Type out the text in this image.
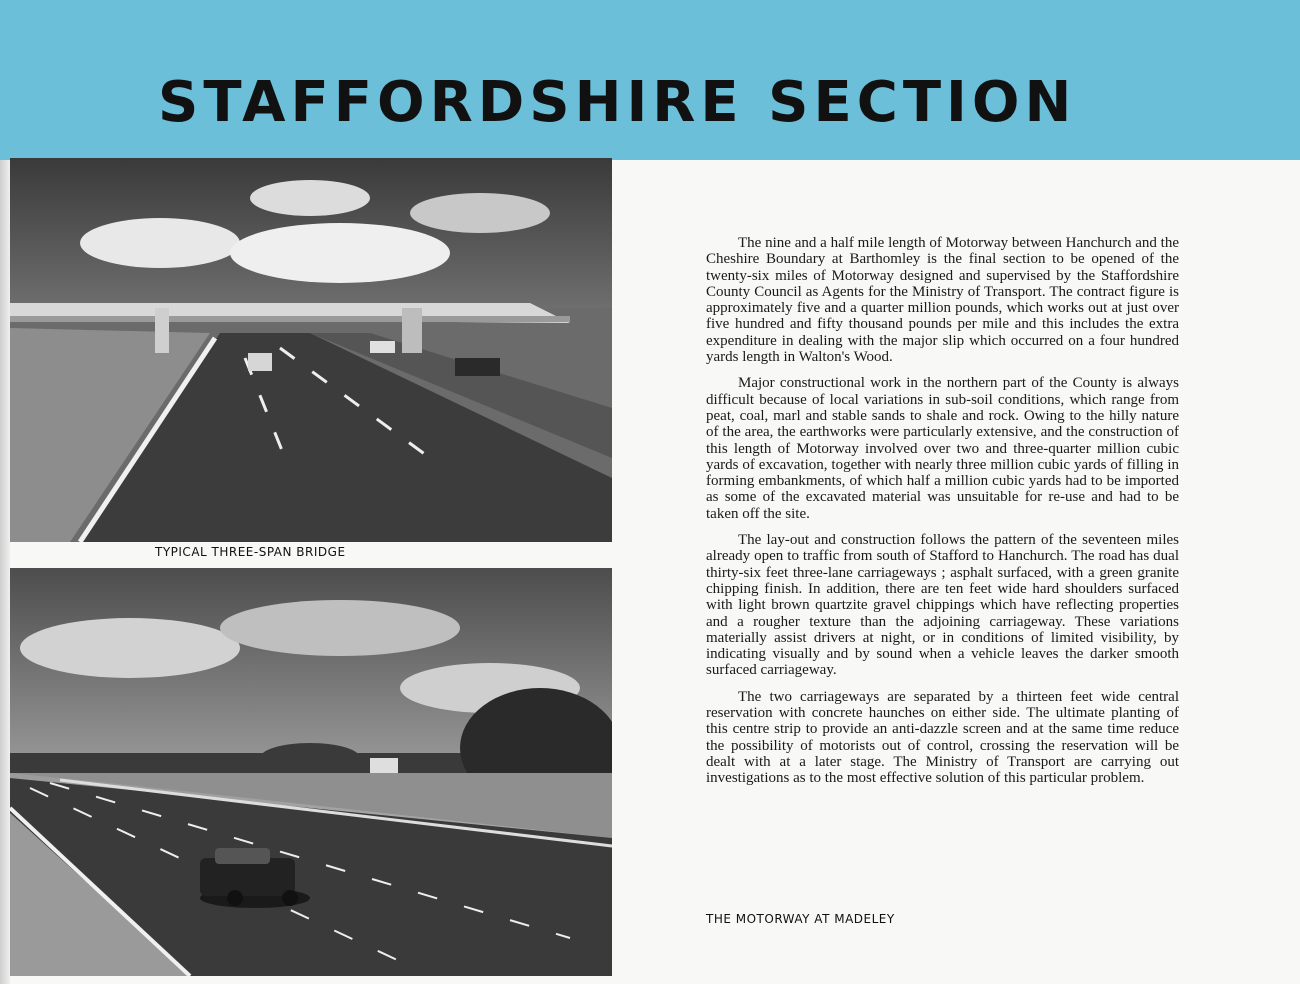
STAFFORDSHIRE SECTION
TYPICAL THREE-SPAN BRIDGE
THE MOTORWAY AT MADELEY

The nine and a half mile length of Motorway between Hanchurch and the Cheshire Boundary at Barthomley is the final section to be opened of the twenty-six miles of Motorway designed and supervised by the Staffordshire County Council as Agents for the Ministry of Transport. The contract figure is approximately five and a quarter million pounds, which works out at just over five hundred and fifty thousand pounds per mile and this includes the extra expenditure in dealing with the major slip which occurred on a four hundred yards length in Walton's Wood.

Major constructional work in the northern part of the County is always difficult because of local variations in sub-soil conditions, which range from peat, coal, marl and stable sands to shale and rock. Owing to the hilly nature of the area, the earthworks were particularly extensive, and the construction of this length of Motorway involved over two and three-quarter million cubic yards of excavation, together with nearly three million cubic yards of filling in forming embankments, of which half a million cubic yards had to be imported as some of the excavated material was unsuitable for re-use and had to be taken off the site.

The lay-out and construction follows the pattern of the seventeen miles already open to traffic from south of Stafford to Hanchurch. The road has dual thirty-six feet three-lane carriageways ; asphalt surfaced, with a green granite chipping finish. In addition, there are ten feet wide hard shoulders surfaced with light brown quartzite gravel chippings which have reflecting properties and a rougher texture than the adjoining carriageway. These variations materially assist drivers at night, or in conditions of limited visibility, by indicating visually and by sound when a vehicle leaves the darker smooth surfaced carriageway.

The two carriageways are separated by a thirteen feet wide central reservation with concrete haunches on either side. The ultimate planting of this centre strip to provide an anti-dazzle screen and at the same time reduce the possibility of motorists out of control, crossing the reservation will be dealt with at a later stage. The Ministry of Transport are carrying out investigations as to the most effective solution of this particular problem.
